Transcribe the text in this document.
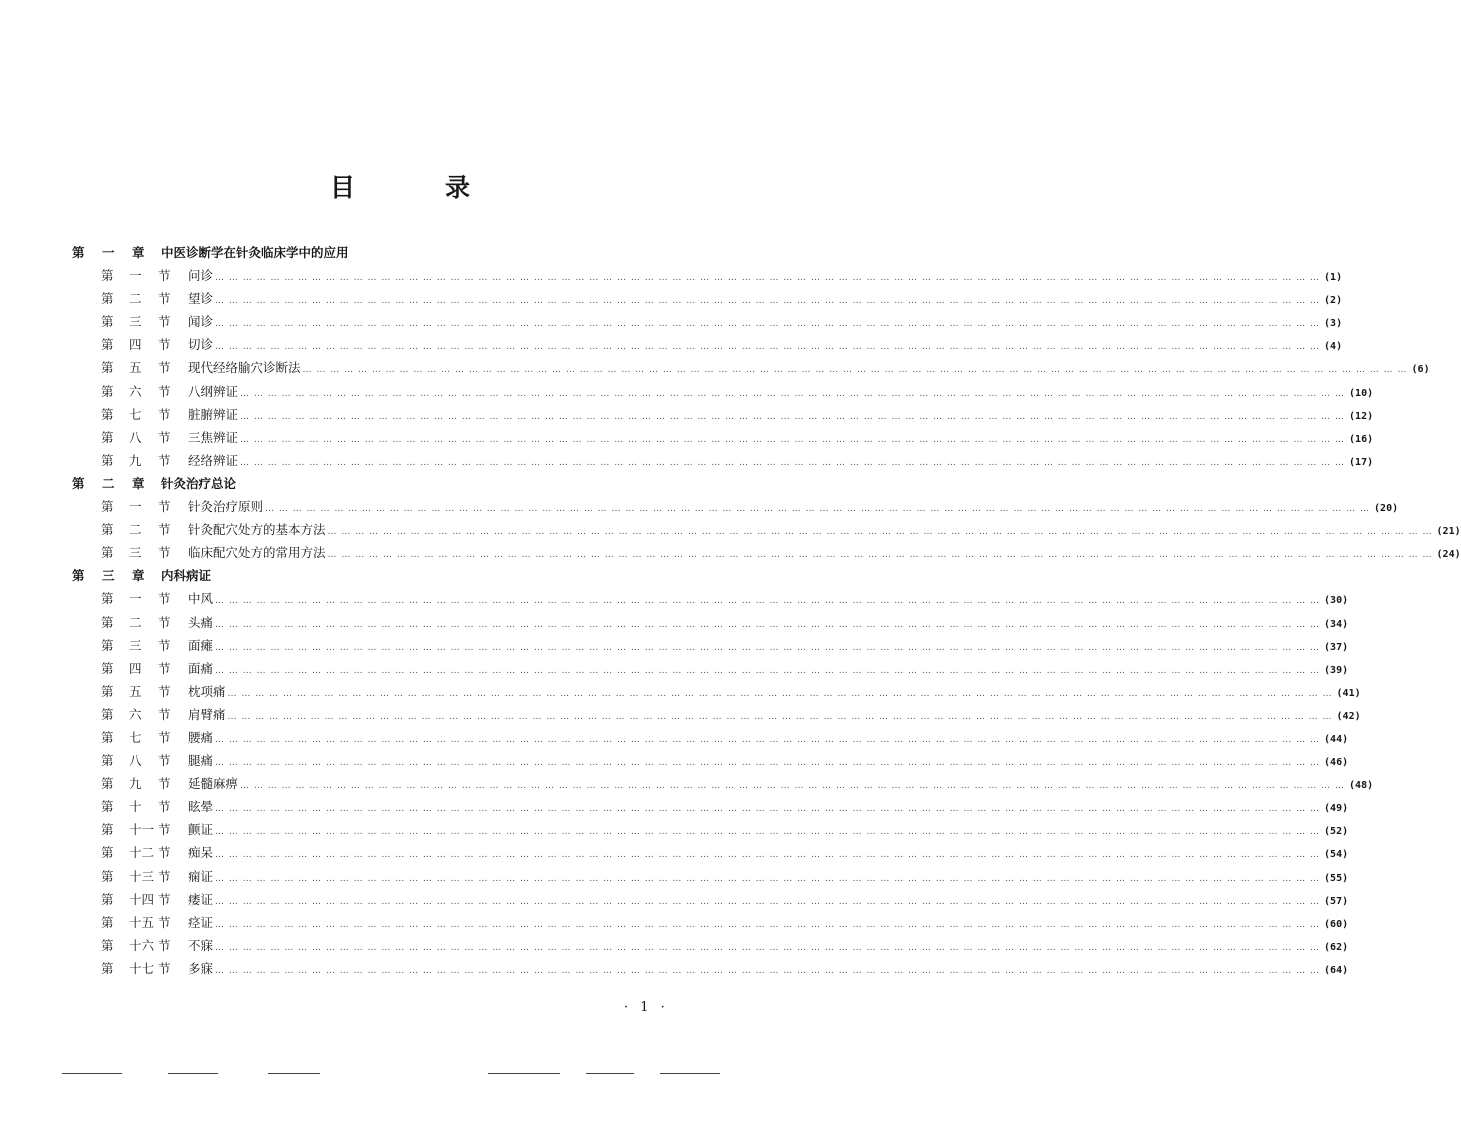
目	录
第 一 章 中医诊断学在针灸临床学中的应用
第 一 节 问诊 … … … … … … … … … … … … … … … … … … … … … … … … … … … … … … … … … … … … … … … … … … … … … … … … … … … … … … … … … … … … … … … … … … … … … … … … … … … … … … … … (1)
第 二 节 望诊 … … … … … … … … … … … … … … … … … … … … … … … … … … … … … … … … … … … … … … … … … … … … … … … … … … … … … … … … … … … … … … … … … … … … … … … … … … … … … … … … (2)
第 三 节 闻诊 … … … … … … … … … … … … … … … … … … … … … … … … … … … … … … … … … … … … … … … … … … … … … … … … … … … … … … … … … … … … … … … … … … … … … … … … … … … … … … … … (3)
第 四 节 切诊 … … … … … … … … … … … … … … … … … … … … … … … … … … … … … … … … … … … … … … … … … … … … … … … … … … … … … … … … … … … … … … … … … … … … … … … … … … … … … … … … (4)
第 五 节 现代经络腧穴诊断法 … … … … … … … … … … … … … … … … … … … … … … … … … … … … … … … … … … … … … … … … … … … … … … … … … … … … … … … … … … … … … … … … … … … … … … … … … … … … … … … … (6)
第 六 节 八纲辨证 … … … … … … … … … … … … … … … … … … … … … … … … … … … … … … … … … … … … … … … … … … … … … … … … … … … … … … … … … … … … … … … … … … … … … … … … … … … … … … … … (10)
第 七 节 脏腑辨证 … … … … … … … … … … … … … … … … … … … … … … … … … … … … … … … … … … … … … … … … … … … … … … … … … … … … … … … … … … … … … … … … … … … … … … … … … … … … … … … … (12)
第 八 节 三焦辨证 … … … … … … … … … … … … … … … … … … … … … … … … … … … … … … … … … … … … … … … … … … … … … … … … … … … … … … … … … … … … … … … … … … … … … … … … … … … … … … … … (16)
第 九 节 经络辨证 … … … … … … … … … … … … … … … … … … … … … … … … … … … … … … … … … … … … … … … … … … … … … … … … … … … … … … … … … … … … … … … … … … … … … … … … … … … … … … … … (17)
第 二 章 针灸治疗总论
第 一 节 针灸治疗原则 … … … … … … … … … … … … … … … … … … … … … … … … … … … … … … … … … … … … … … … … … … … … … … … … … … … … … … … … … … … … … … … … … … … … … … … … … … … … … … … … (20)
第 二 节 针灸配穴处方的基本方法 … … … … … … … … … … … … … … … … … … … … … … … … … … … … … … … … … … … … … … … … … … … … … … … … … … … … … … … … … … … … … … … … … … … … … … … … … … … … … … … … (21)
第 三 节 临床配穴处方的常用方法 … … … … … … … … … … … … … … … … … … … … … … … … … … … … … … … … … … … … … … … … … … … … … … … … … … … … … … … … … … … … … … … … … … … … … … … … … … … … … … … … (24)
第 三 章 内科病证
第 一 节 中风 … … … … … … … … … … … … … … … … … … … … … … … … … … … … … … … … … … … … … … … … … … … … … … … … … … … … … … … … … … … … … … … … … … … … … … … … … … … … … … … … (30)
第 二 节 头痛 … … … … … … … … … … … … … … … … … … … … … … … … … … … … … … … … … … … … … … … … … … … … … … … … … … … … … … … … … … … … … … … … … … … … … … … … … … … … … … … … (34)
第 三 节 面瘫 … … … … … … … … … … … … … … … … … … … … … … … … … … … … … … … … … … … … … … … … … … … … … … … … … … … … … … … … … … … … … … … … … … … … … … … … … … … … … … … … (37)
第 四 节 面痛 … … … … … … … … … … … … … … … … … … … … … … … … … … … … … … … … … … … … … … … … … … … … … … … … … … … … … … … … … … … … … … … … … … … … … … … … … … … … … … … … (39)
第 五 节 枕项痛 … … … … … … … … … … … … … … … … … … … … … … … … … … … … … … … … … … … … … … … … … … … … … … … … … … … … … … … … … … … … … … … … … … … … … … … … … … … … … … … … (41)
第 六 节 肩臂痛 … … … … … … … … … … … … … … … … … … … … … … … … … … … … … … … … … … … … … … … … … … … … … … … … … … … … … … … … … … … … … … … … … … … … … … … … … … … … … … … … (42)
第 七 节 腰痛 … … … … … … … … … … … … … … … … … … … … … … … … … … … … … … … … … … … … … … … … … … … … … … … … … … … … … … … … … … … … … … … … … … … … … … … … … … … … … … … … (44)
第 八 节 腿痛 … … … … … … … … … … … … … … … … … … … … … … … … … … … … … … … … … … … … … … … … … … … … … … … … … … … … … … … … … … … … … … … … … … … … … … … … … … … … … … … … (46)
第 九 节 延髓麻痹 … … … … … … … … … … … … … … … … … … … … … … … … … … … … … … … … … … … … … … … … … … … … … … … … … … … … … … … … … … … … … … … … … … … … … … … … … … … … … … … … (48)
第 十 节 眩晕 … … … … … … … … … … … … … … … … … … … … … … … … … … … … … … … … … … … … … … … … … … … … … … … … … … … … … … … … … … … … … … … … … … … … … … … … … … … … … … … … (49)
第 十一 节 颤证 … … … … … … … … … … … … … … … … … … … … … … … … … … … … … … … … … … … … … … … … … … … … … … … … … … … … … … … … … … … … … … … … … … … … … … … … … … … … … … … … (52)
第 十二 节 痴呆 … … … … … … … … … … … … … … … … … … … … … … … … … … … … … … … … … … … … … … … … … … … … … … … … … … … … … … … … … … … … … … … … … … … … … … … … … … … … … … … … (54)
第 十三 节 痫证 … … … … … … … … … … … … … … … … … … … … … … … … … … … … … … … … … … … … … … … … … … … … … … … … … … … … … … … … … … … … … … … … … … … … … … … … … … … … … … … … (55)
第 十四 节 痿证 … … … … … … … … … … … … … … … … … … … … … … … … … … … … … … … … … … … … … … … … … … … … … … … … … … … … … … … … … … … … … … … … … … … … … … … … … … … … … … … … (57)
第 十五 节 痉证 … … … … … … … … … … … … … … … … … … … … … … … … … … … … … … … … … … … … … … … … … … … … … … … … … … … … … … … … … … … … … … … … … … … … … … … … … … … … … … … … (60)
第 十六 节 不寐 … … … … … … … … … … … … … … … … … … … … … … … … … … … … … … … … … … … … … … … … … … … … … … … … … … … … … … … … … … … … … … … … … … … … … … … … … … … … … … … … (62)
第 十七 节 多寐 … … … … … … … … … … … … … … … … … … … … … … … … … … … … … … … … … … … … … … … … … … … … … … … … … … … … … … … … … … … … … … … … … … … … … … … … … … … … … … … … (64)
· 1 ·
